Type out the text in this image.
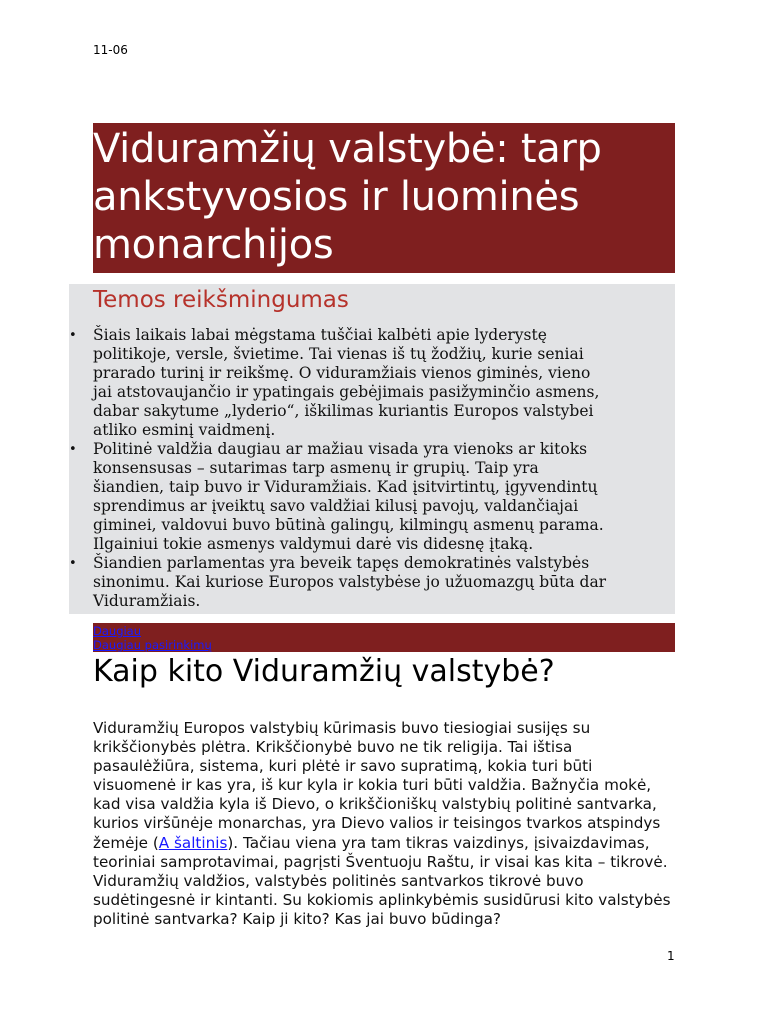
11-06
Viduramžių valstybė: tarp
ankstyvosios ir luominės
monarchijos
Temos reikšmingumas
• Šiais laikais labai mėgstama tuščiai kalbėti apie lyderystę
politikoje, versle, švietime. Tai vienas iš tų žodžių, kurie seniai
prarado turinį ir reikšmę. O viduramžiais vienos giminės, vieno
jai atstovaujančio ir ypatingais gebėjimais pasižyminčio asmens,
dabar sakytume „lyderio“, iškilimas kuriantis Europos valstybei
atliko esminį vaidmenį.
• Politinė valdžia daugiau ar mažiau visada yra vienoks ar kitoks
konsensusas – sutarimas tarp asmenų ir grupių. Taip yra
šiandien, taip buvo ir Viduramžiais. Kad įsitvirtintų, įgyvendintų
sprendimus ar įveiktų savo valdžiai kilusį pavojų, valdančiajai
giminei, valdovui buvo būtinà galingų, kilmingų asmenų parama.
Ilgainiui tokie asmenys valdymui darė vis didesnę įtaką.
• Šiandien parlamentas yra beveik tapęs demokratinės valstybės
sinonimu. Kai kuriose Europos valstybėse jo užuomazgų būta dar
Viduramžiais.
Daugiau
Daugiau pasirinkimų
Kaip kito Viduramžių valstybė?

Viduramžių Europos valstybių kūrimasis buvo tiesiogiai susijęs su
krikščionybės plėtra. Krikščionybė buvo ne tik religija. Tai ištisa
pasaulėžiūra, sistema, kuri plėtė ir savo supratimą, kokia turi būti
visuomenė ir kas yra, iš kur kyla ir kokia turi būti valdžia. Bažnyčia mokė,
kad visa valdžia kyla iš Dievo, o krikščioniškų valstybių politinė santvarka,
kurios viršūnėje monarchas, yra Dievo valios ir teisingos tvarkos atspindys
žemėje (A šaltinis). Tačiau viena yra tam tikras vaizdinys, įsivaizdavimas,
teoriniai samprotavimai, pagrįsti Šventuoju Raštu, ir visai kas kita – tikrovė.
Viduramžių valdžios, valstybės politinės santvarkos tikrovė buvo
sudėtingesnė ir kintanti. Su kokiomis aplinkybėmis susidūrusi kito valstybės
politinė santvarka? Kaip ji kito? Kas jai buvo būdinga?

1
